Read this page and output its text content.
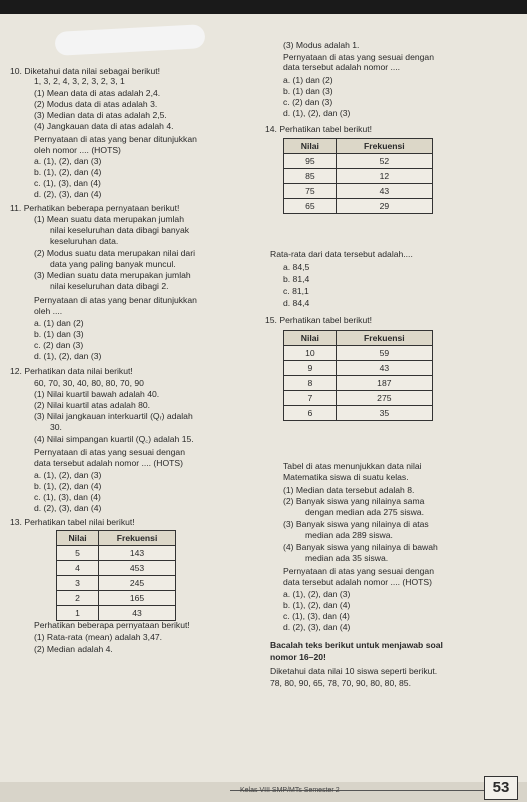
10. Diketahui data nilai sebagai berikut!
1, 3, 2, 4, 3, 2, 3, 2, 3, 1
(1) Mean data di atas adalah 2,4.
(2) Modus data di atas adalah 3.
(3) Median data di atas adalah 2,5.
(4) Jangkauan data di atas adalah 4.
Pernyataan di atas yang benar ditunjukkan
oleh nomor .... (HOTS)
a. (1), (2), dan (3)
b. (1), (2), dan (4)
c. (1), (3), dan (4)
d. (2), (3), dan (4)
11. Perhatikan beberapa pernyataan berikut!
(1) Mean suatu data merupakan jumlah
nilai keseluruhan data dibagi banyak
keseluruhan data.
(2) Modus suatu data merupakan nilai dari
data yang paling banyak muncul.
(3) Median suatu data merupakan jumlah
nilai keseluruhan data dibagi 2.
Pernyataan di atas yang benar ditunjukkan
oleh ....
a. (1) dan (2)
b. (1) dan (3)
c. (2) dan (3)
d. (1), (2), dan (3)
12. Perhatikan data nilai berikut!
60, 70, 30, 40, 80, 80, 70, 90
(1) Nilai kuartil bawah adalah 40.
(2) Nilai kuartil atas adalah 80.
(3) Nilai jangkauan interkuartil (Qᵣ) adalah
30.
(4) Nilai simpangan kuartil (Q꜀) adalah 15.
Pernyataan di atas yang sesuai dengan
data tersebut adalah nomor .... (HOTS)
a. (1), (2), dan (3)
b. (1), (2), dan (4)
c. (1), (3), dan (4)
d. (2), (3), dan (4)
13. Perhatikan tabel nilai berikut!
Nilai	Frekuensi
5	143
4	453
3	245
2	165
1	43
Perhatikan beberapa pernyataan berikut!
(1) Rata-rata (mean) adalah 3,47.
(2) Median adalah 4.
(3) Modus adalah 1.
Pernyataan di atas yang sesuai dengan
data tersebut adalah nomor ....
a. (1) dan (2)
b. (1) dan (3)
c. (2) dan (3)
d. (1), (2), dan (3)
14. Perhatikan tabel berikut!
Nilai	Frekuensi
95	52
85	12
75	43
65	29
Rata-rata dari data tersebut adalah....
a. 84,5
b. 81,4
c. 81,1
d. 84,4
15. Perhatikan tabel berikut!
Nilai	Frekuensi
10	59
9	43
8	187
7	275
6	35
Tabel di atas menunjukkan data nilai
Matematika siswa di suatu kelas.
(1) Median data tersebut adalah 8.
(2) Banyak siswa yang nilainya sama
dengan median ada 275 siswa.
(3) Banyak siswa yang nilainya di atas
median ada 289 siswa.
(4) Banyak siswa yang nilainya di bawah
median ada 35 siswa.
Pernyataan di atas yang sesuai dengan
data tersebut adalah nomor .... (HOTS)
a. (1), (2), dan (3)
b. (1), (2), dan (4)
c. (1), (3), dan (4)
d. (2), (3), dan (4)
Bacalah teks berikut untuk menjawab soal
nomor 16–20!
Diketahui data nilai 10 siswa seperti berikut.
78, 80, 90, 65, 78, 70, 90, 80, 80, 85.
Kelas VIII SMP/MTs Semester 2	53
